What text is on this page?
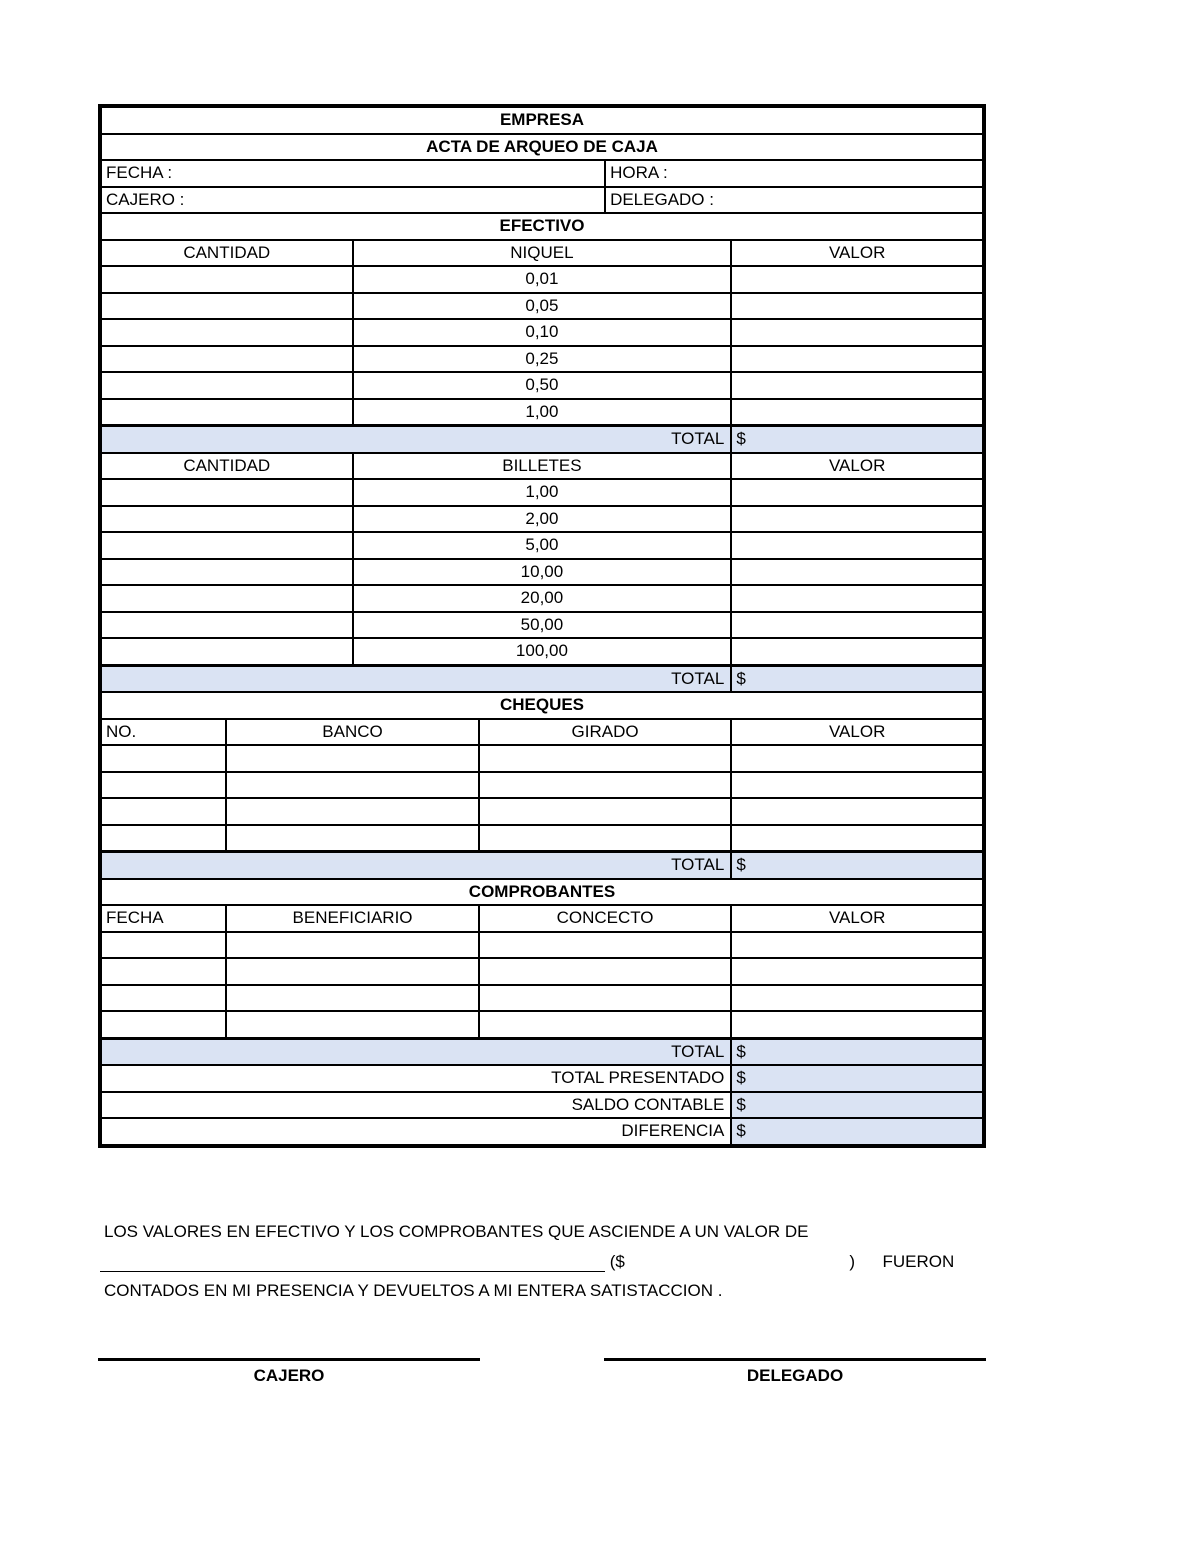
EMPRESA					
ACTA DE ARQUEO DE CAJA					
FECHA :				HORA :	
CAJERO :				DELEGADO :	
EFECTIVO					
CANTIDAD		NIQUEL			VALOR
		0,01			
		0,05			
		0,10			
		0,25			
		0,50			
		1,00			
TOTAL					$
CANTIDAD		BILLETES			VALOR
		1,00			
		2,00			
		5,00			
		10,00			
		20,00			
		50,00			
		100,00			
TOTAL					$
CHEQUES					
NO.	BANCO		GIRADO		VALOR

TOTAL					$
COMPROBANTES					
FECHA	BENEFICIARIO		CONCECTO		VALOR

TOTAL					$
TOTAL PRESENTADO					$
SALDO CONTABLE					$
DIFERENCIA					$
LOS VALORES EN EFECTIVO Y LOS COMPROBANTES QUE ASCIENDE A UN VALOR DE
($	) FUERON
CONTADOS EN MI PRESENCIA Y DEVUELTOS A MI ENTERA SATISTACCION .
CAJERO	DELEGADO
